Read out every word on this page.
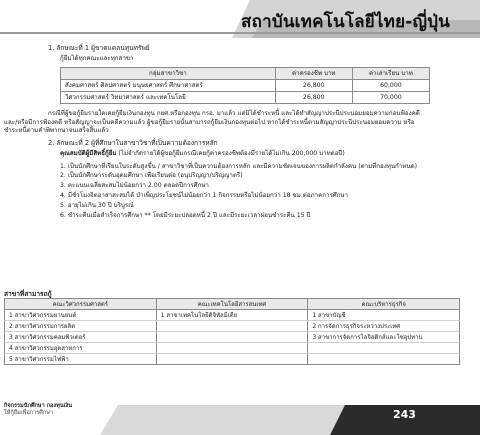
สถาบันเทคโนโลยีไทย-ญี่ปุ่น
1. ลักษณะที่ 1 ผู้ขาดแคลนทุนทรัพย์
กู้ยืมได้ทุกคณะและทุกสาขา
กลุ่มสาขาวิชา	ค่าครองชีพ บาท	ค่าเล่าเรียน บาท
สังคมศาสตร์ ศิลปศาสตร์ มนุษยศาสตร์ ศึกษาศาสตร์	26,800	60,000
วิศวกรรมศาสตร์ วิทยาศาสตร์ และเทคโนโลยี	26,800	70,000
กรณีที่ผู้ขอกู้ยืมรายใดเคยกู้ยืมเงินกองทุน กยศ.หรือกองทุน กรอ. มาแล้ว แต่มิได้ชำระหนี้ และได้ทำสัญญาประนีประนอมยอมความก่อนฟ้องคดี และ/หรือมีการฟ้องคดี หรือสัญญาจะเป็นคดีความแล้ว ผู้ขอกู้ยืมรายนั้นสามารถกู้ยืมเงินกองทุนต่อไป หากได้ชำระหนี้ตามสัญญาประนีประนอมยอมความ หรือชำระหนี้ตามคำพิพากษาจนเสร็จสิ้นแล้ว
2. ลักษณะที่ 2 ผู้ที่ศึกษาในสาขาวิชาที่เป็นความต้องการหลัก
คุณสมบัติผู้มีสิทธิ์กู้ยืม (ไม่จำกัดรายได้ผู้ขอกู้ยืมกรณีเคยกู้ค่าครองชีพต้องมีรายได้ไม่เกิน 200,000 บาทต่อปี)
1. เป็นนักศึกษาที่เรียนในระดับสูงขึ้น / สาขาวิชาที่เป็นความต้องการหลัก และมีความชัดเจนของการผลิตกำลังคน (ตามที่กองทุนกำหนด)
2. เป็นนักศึกษาระดับอุดมศึกษา เพื่อเรียนต่อ (อนุปริญญา/ปริญญาตรี)
3. คะแนนเฉลี่ยสะสมไม่น้อยกว่า 2.00 ตลอดปีการศึกษา
4. มีชั่วโมงจิตอาสาสะสมได้ บำเพ็ญประโยชน์ไม่น้อยกว่า 1 กิจกรรมหรือไม่น้อยกว่า 18 ชม.ต่อภาคการศึกษา
5. อายุไม่เกิน 30 ปี บริบูรณ์
6. ชำระคืนเมื่อสำเร็จการศึกษา ** โดยมีระยะปลอดหนี้ 2 ปี และมีระยะเวลาผ่อนชำระคืน 15 ปี
สาขาที่สามารถกู้
คณะวิศวกรรมศาสตร์	คณะเทคโนโลยีสารสนเทศ	คณะบริหารธุรกิจ
1 สาขาวิศวกรรมยานยนต์	1 สาขาเทคโนโลยีดิจิทัลมีเดีย	1 สาขาบัญชี
2 สาขาวิศวกรรมการผลิต		2 การจัดการธุรกิจระหว่างประเทศ
3 สาขาวิศวกรรมคอมพิวเตอร์		3 สาขาการจัดการโลจิสติกส์และโซ่อุปทาน
4 สาขาวิศวกรรมอุตสาหการ		
5 สาขาวิศวกรรมไฟฟ้า		
กิจกรรมนักศึกษา กองทุนเงิน
ให้กู้ยืมเพื่อการศึกษา	243
